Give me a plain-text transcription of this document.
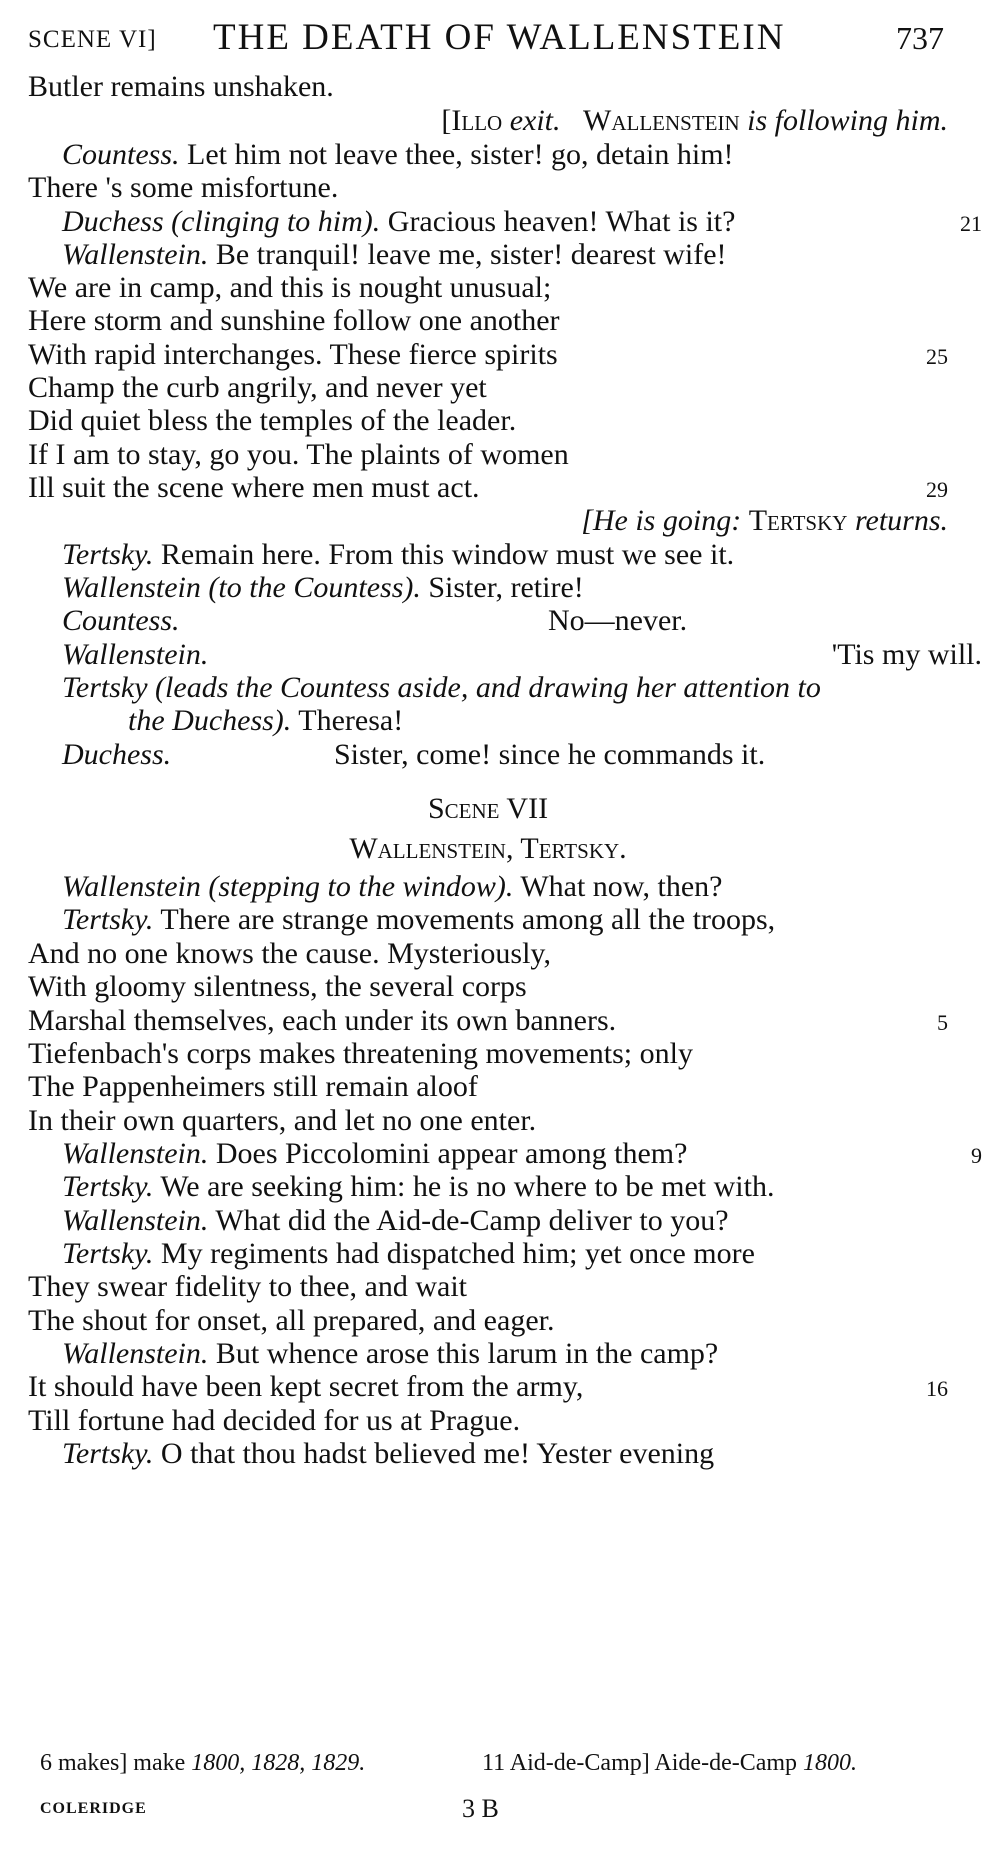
SCENE VI] THE DEATH OF WALLENSTEIN	737
Butler remains unshaken.
[Illo exit. Wallenstein is following him.
Countess. Let him not leave thee, sister! go, detain him!
There 's some misfortune.
Duchess (clinging to him). Gracious heaven! What is it?	21
Wallenstein. Be tranquil! leave me, sister! dearest wife!
We are in camp, and this is nought unusual;
Here storm and sunshine follow one another
With rapid interchanges. These fierce spirits	25
Champ the curb angrily, and never yet
Did quiet bless the temples of the leader.
If I am to stay, go you. The plaints of women
Ill suit the scene where men must act.	29
[He is going: Tertsky returns.
Tertsky. Remain here. From this window must we see it.
Wallenstein (to the Countess). Sister, retire!
Countess.	No—never.
Wallenstein.	'Tis my will.
Tertsky (leads the Countess aside, and drawing her attention to
the Duchess). Theresa!
Duchess.	Sister, come! since he commands it.
Scene VII
Wallenstein, Tertsky.
Wallenstein (stepping to the window). What now, then?
Tertsky. There are strange movements among all the troops,
And no one knows the cause. Mysteriously,
With gloomy silentness, the several corps
Marshal themselves, each under its own banners.	5
Tiefenbach's corps makes threatening movements; only
The Pappenheimers still remain aloof
In their own quarters, and let no one enter.
Wallenstein. Does Piccolomini appear among them?	9
Tertsky. We are seeking him: he is no where to be met with.
Wallenstein. What did the Aid-de-Camp deliver to you?
Tertsky. My regiments had dispatched him; yet once more
They swear fidelity to thee, and wait
The shout for onset, all prepared, and eager.
Wallenstein. But whence arose this larum in the camp?
It should have been kept secret from the army,	16
Till fortune had decided for us at Prague.
Tertsky. O that thou hadst believed me! Yester evening
6 makes] make 1800, 1828, 1829.	11 Aid-de-Camp] Aide-de-Camp 1800.
COLERIDGE	3 B
